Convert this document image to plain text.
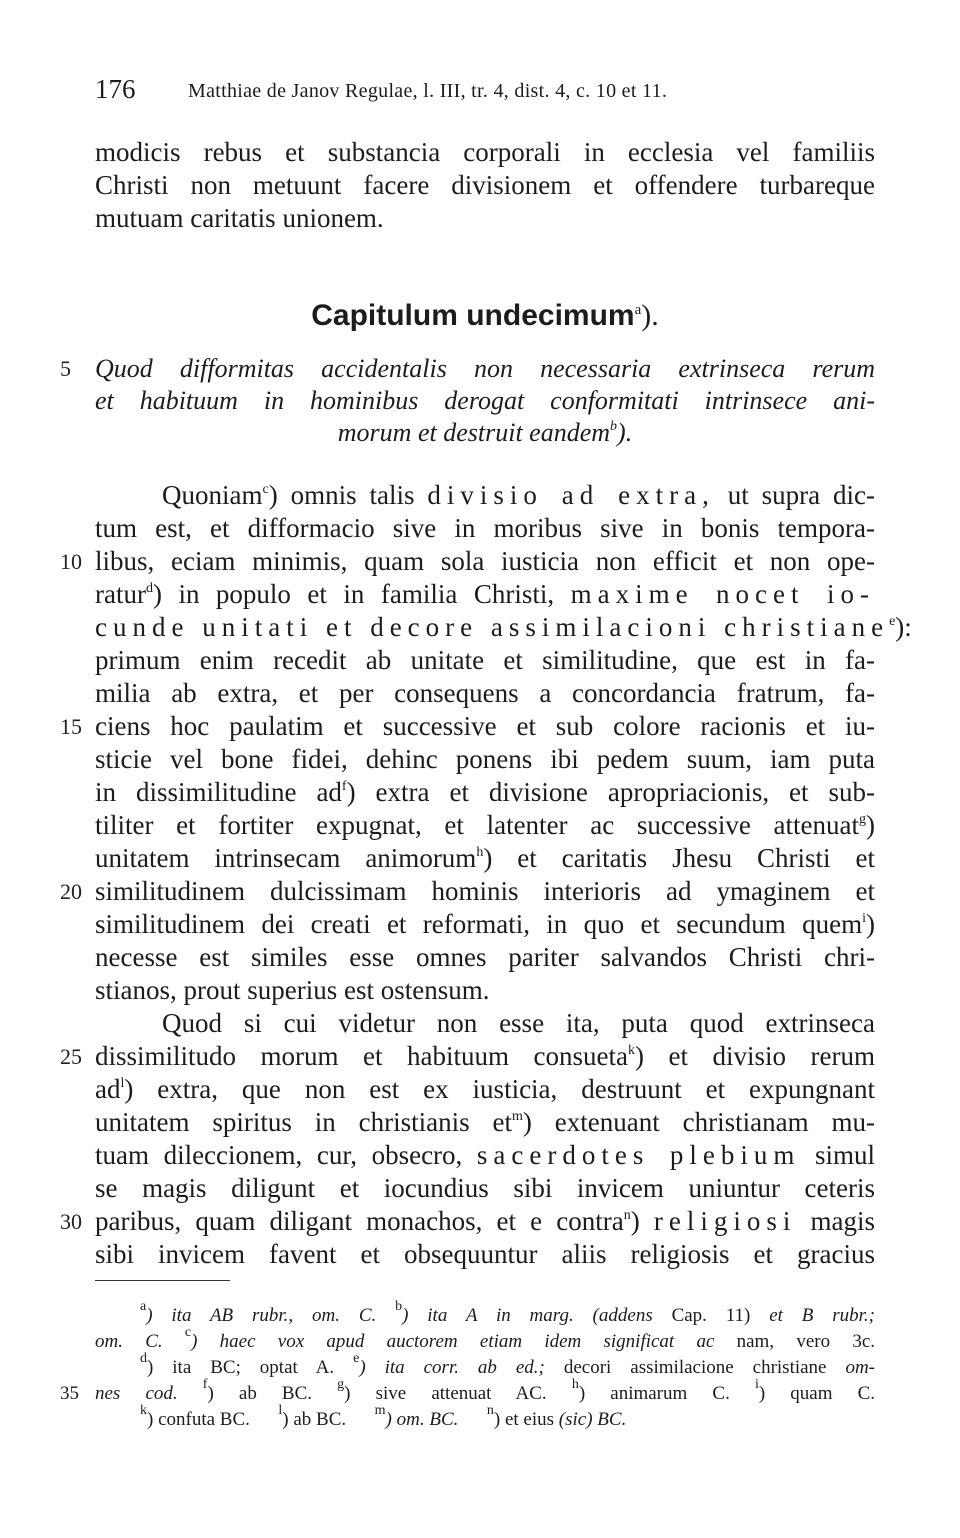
176	Matthiae de Janov Regulae, l. III, tr. 4, dist. 4, c. 10 et 11.
modicis rebus et substancia corporali in ecclesia vel familiis
Christi non metuunt facere divisionem et offendere turbareque
mutuam caritatis unionem.
Capitulum undecimum$^a$).
5 Quod difformitas accidentalis non necessaria extrinseca rerum
et habituum in hominibus derogat conformitati intrinsece ani-
morum et destruit eandem$^b$).
Quoniam$^c$) omnis talis divisio ad extra, ut supra dic-
tum est, et difformacio sive in moribus sive in bonis tempora-
10 libus, eciam minimis, quam sola iusticia non efficit et non ope-
ratur$^d$) in populo et in familia Christi, maxime nocet io-
cunde unitati et decore assimilacioni christiane$^e$):
primum enim recedit ab unitate et similitudine, que est in fa-
milia ab extra, et per consequens a concordancia fratrum, fa-
15 ciens hoc paulatim et successive et sub colore racionis et iu-
sticie vel bone fidei, dehinc ponens ibi pedem suum, iam puta
in dissimilitudine ad$^f$) extra et divisione apropriacionis, et sub-
tiliter et fortiter expugnat, et latenter ac successive attenuat$^g$)
unitatem intrinsecam animorum$^h$) et caritatis Jhesu Christi et
20 similitudinem dulcissimam hominis interioris ad ymaginem et
similitudinem dei creati et reformati, in quo et secundum quem$^i$)
necesse est similes esse omnes pariter salvandos Christi chri-
stianos, prout superius est ostensum.
Quod si cui videtur non esse ita, puta quod extrinseca
25 dissimilitudo morum et habituum consueta$^k$) et divisio rerum
ad$^l$) extra, que non est ex iusticia, destruunt et expungnant
unitatem spiritus in christianis et$^m$) extenuant christianam mu-
tuam dileccionem, cur, obsecro, sacerdotes plebium simul
se magis diligunt et iocundius sibi invicem uniuntur ceteris
30 paribus, quam diligant monachos, et e contra$^n$) religiosi magis
sibi invicem favent et obsequuntur aliis religiosis et gracius
$^a$) ita AB rubr., om. C. $^b$) ita A in marg. (addens Cap. 11) et B rubr.;
om. C. $^c$) haec vox apud auctorem etiam idem significat ac nam, vero 3c.
$^d$) ita BC; optat A. $^e$) ita corr. ab ed.; decori assimilacione christiane om-
35 nes cod. $^f$) ab BC. $^g$) sive attenuat AC. $^h$) animarum C. $^i$) quam C.
$^k$) confuta BC. $^l$) ab BC. $^m$) om. BC. $^n$) et eius (sic) BC.
